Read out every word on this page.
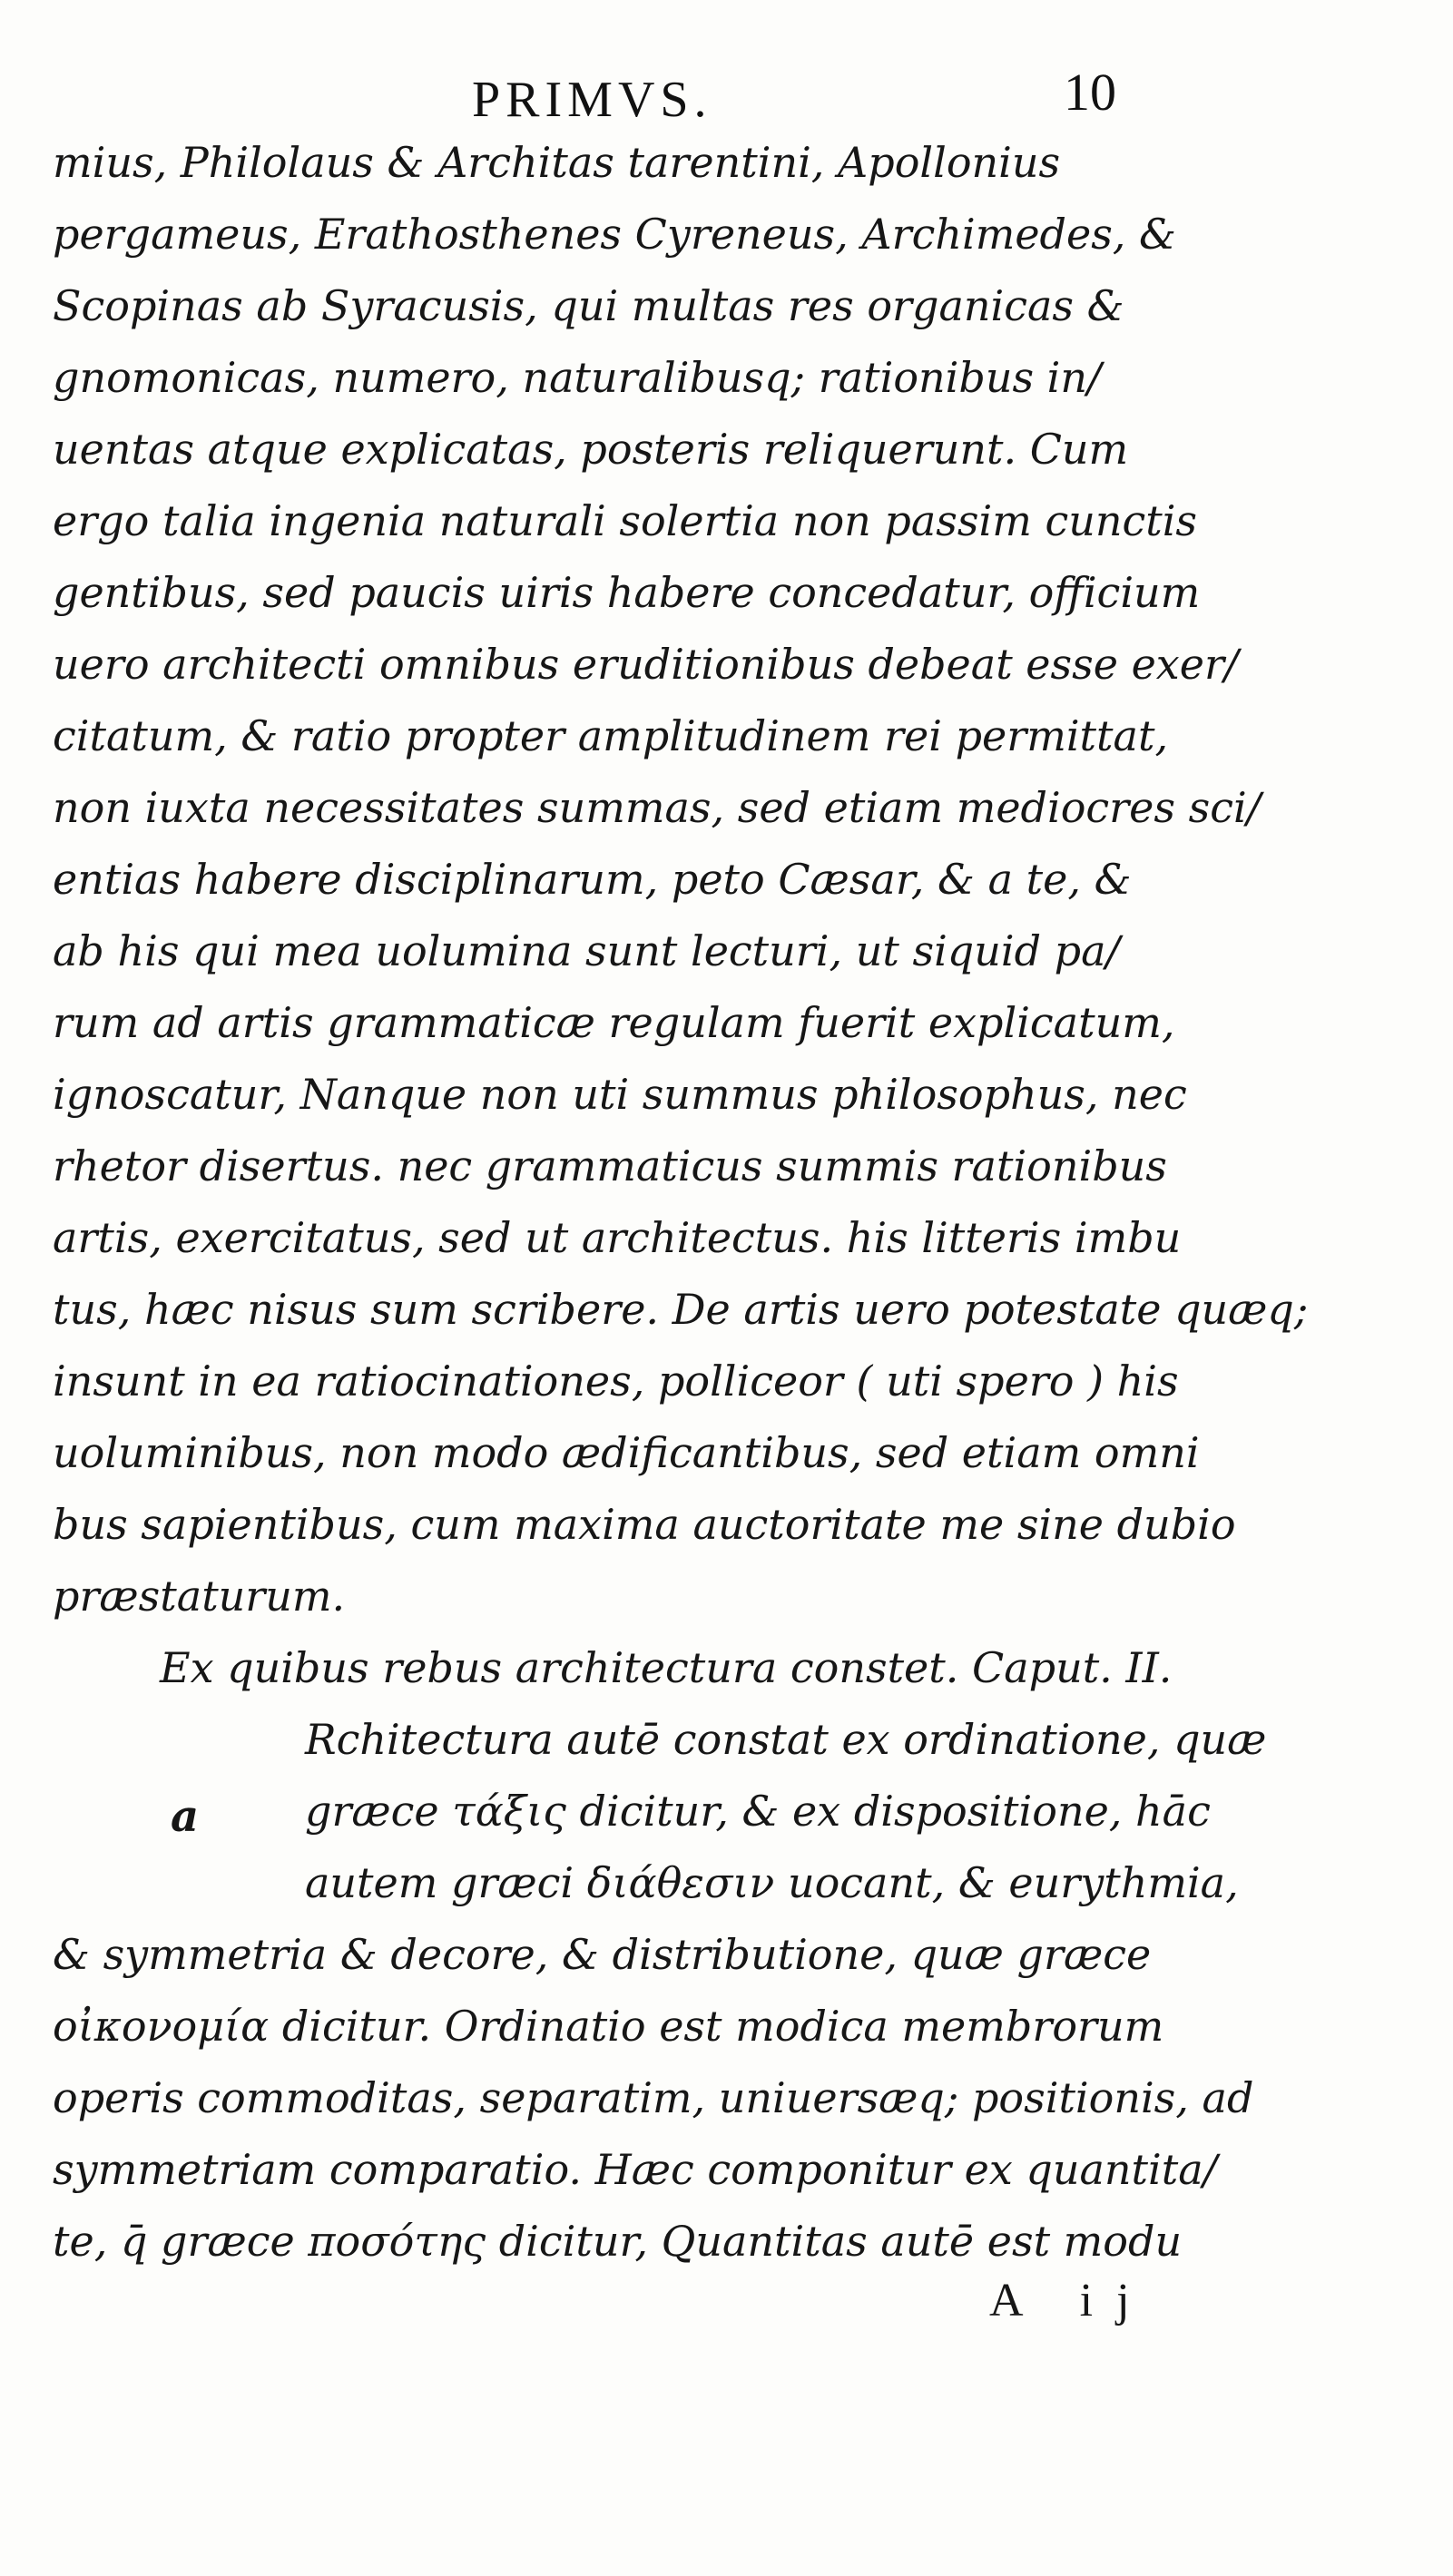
PRIMVS.	10
mius, Philolaus & Architas tarentini, Apollonius
pergameus, Erathosthenes Cyreneus, Archimedes, &
Scopinas ab Syracusis, qui multas res organicas &
gnomonicas, numero, naturalibusq; rationibus in/
uentas atque explicatas, posteris reliquerunt. Cum
ergo talia ingenia naturali solertia non passim cunctis
gentibus, sed paucis uiris habere concedatur, officium
uero architecti omnibus eruditionibus debeat esse exer/
citatum, & ratio propter amplitudinem rei permittat,
non iuxta necessitates summas, sed etiam mediocres sci/
entias habere disciplinarum, peto Cæsar, & a te, &
ab his qui mea uolumina sunt lecturi, ut siquid pa/
rum ad artis grammaticæ regulam fuerit explicatum,
ignoscatur, Nanque non uti summus philosophus, nec
rhetor disertus. nec grammaticus summis rationibus
artis, exercitatus, sed ut architectus. his litteris imbu
tus, hæc nisus sum scribere. De artis uero potestate quæq;
insunt in ea ratiocinationes, polliceor ( uti spero ) his
uoluminibus, non modo ædificantibus, sed etiam omni
bus sapientibus, cum maxima auctoritate me sine dubio
præstaturum.
Ex quibus rebus architectura constet. Caput. II.
Rchitectura autē constat ex ordinatione, quæ
græce τάξις dicitur, & ex dispositione, hāc
autem græci διάθεσιν uocant, & eurythmia,
& symmetria & decore, & distributione, quæ græce
οἰκονομία dicitur. Ordinatio est modica membrorum
operis commoditas, separatim, uniuersæq; positionis, ad
symmetriam comparatio. Hæc componitur ex quantita/
te, q̄ græce ποσότης dicitur, Quantitas autē est modu
a
A ij
